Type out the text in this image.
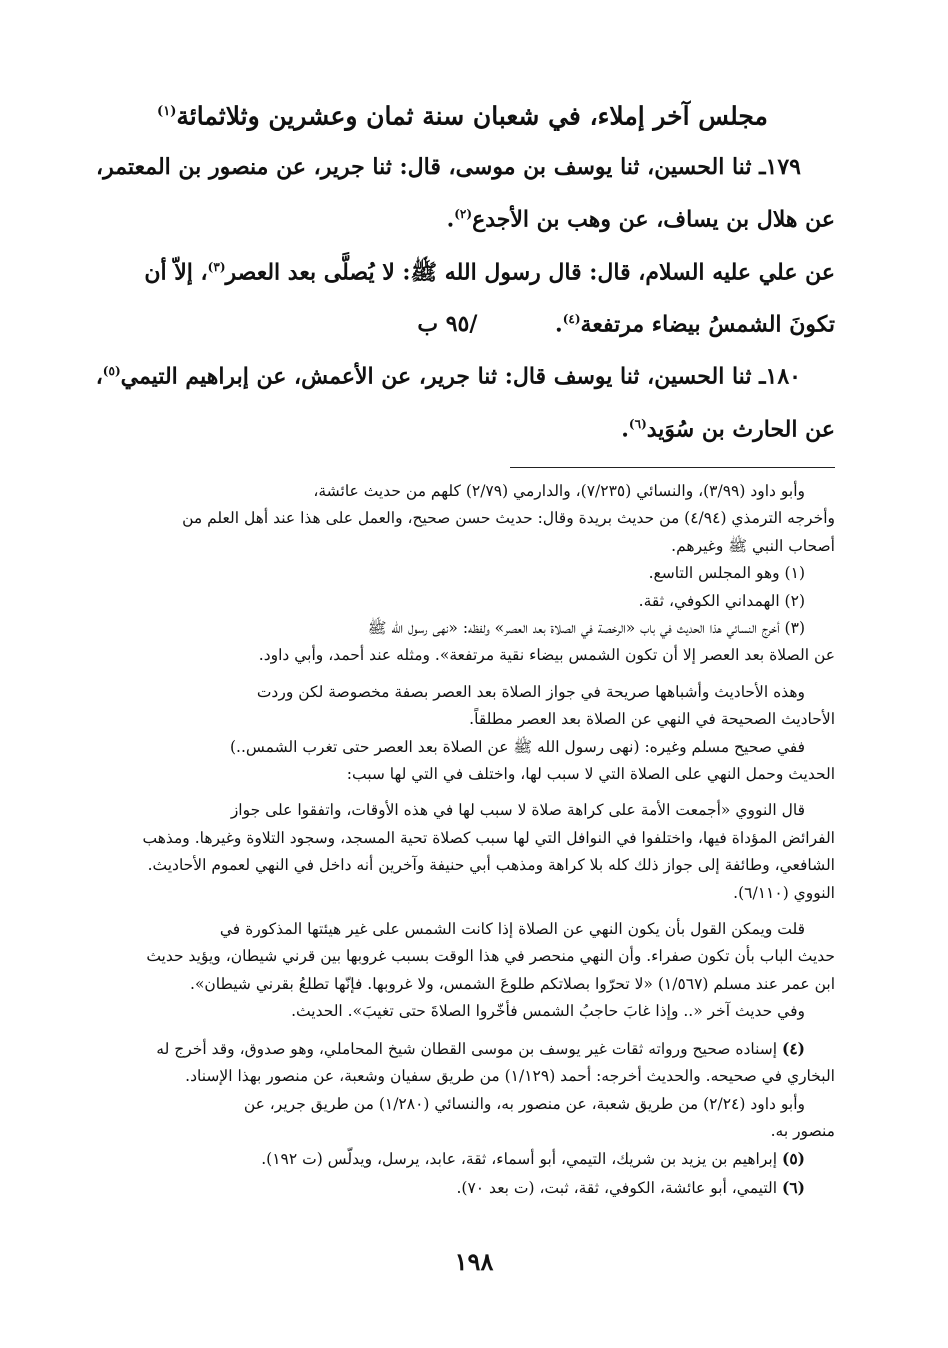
مجلس آخر إملاء، في شعبان سنة ثمان وعشرين وثلاثمائة$^{(١)}$

١٧٩ـ ثنا الحسين، ثنا يوسف بن موسى، قال: ثنا جرير، عن منصور بن المعتمر،

عن هلال بن يساف، عن وهب بن الأجدع$^{(٢)}$.

عن علي عليه السلام، قال: قال رسول الله ﷺ: لا يُصلَّى بعد العصر$^{(٣)}$، إلاّ أن

تكونَ الشمسُ بيضاء مرتفعة$^{(٤)}$. /٩٥ ب

١٨٠ـ ثنا الحسين، ثنا يوسف قال: ثنا جرير، عن الأعمش، عن إبراهيم التيمي$^{(٥)}$،

عن الحارث بن سُوَيد$^{(٦)}$.

وأبو داود (٣/٩٩)، والنسائي (٧/٢٣٥)، والدارمي (٢/٧٩) كلهم من حديث عائشة،

وأخرجه الترمذي (٤/٩٤) من حديث بريدة وقال: حديث حسن صحيح، والعمل على هذا عند أهل العلم من

أصحاب النبي ﷺ وغيرهم.

(١) وهو المجلس التاسع.

(٢) الهمداني الكوفي، ثقة.

(٣) أخرج النسائي هذا الحديث في باب «الرخصة في الصلاة بعد العصر» ولفظه: «نهى رسول الله ﷺ

عن الصلاة بعد العصر إلا أن تكون الشمس بيضاء نقية مرتفعة». ومثله عند أحمد، وأبي داود.

وهذه الأحاديث وأشباهها صريحة في جواز الصلاة بعد العصر بصفة مخصوصة لكن وردت

الأحاديث الصحيحة في النهي عن الصلاة بعد العصر مطلقاً.

ففي صحيح مسلم وغيره: (نهى رسول الله ﷺ عن الصلاة بعد العصر حتى تغرب الشمس..)

الحديث وحمل النهي على الصلاة التي لا سبب لها، واختلف في التي لها سبب:

قال النووي «أجمعت الأمة على كراهة صلاة لا سبب لها في هذه الأوقات، واتفقوا على جواز

الفرائض المؤداة فيها، واختلفوا في النوافل التي لها سبب كصلاة تحية المسجد، وسجود التلاوة وغيرها. ومذهب

الشافعي، وطائفة إلى جواز ذلك كله بلا كراهة ومذهب أبي حنيفة وآخرين أنه داخل في النهي لعموم الأحاديث.

النووي (٦/١١٠).

قلت ويمكن القول بأن يكون النهي عن الصلاة إذا كانت الشمس على غير هيئتها المذكورة في

حديث الباب بأن تكون صفراء. وأن النهي منحصر في هذا الوقت بسبب غروبها بين قرني شيطان، ويؤيد حديث

ابن عمر عند مسلم (١/٥٦٧) «لا تحرّوا بصلاتكم طلوعَ الشمس، ولا غروبها. فإنّها تطلعُ بقرني شيطان».

وفي حديث آخر «.. وإذا غابَ حاجبُ الشمس فأخّروا الصلاةَ حتى تغيبَ». الحديث.

(٤) إسناده صحيح ورواته ثقات غير يوسف بن موسى القطان شيخ المحاملي، وهو صدوق، وقد أخرج له

البخاري في صحيحه. والحديث أخرجه: أحمد (١/١٢٩) من طريق سفيان وشعبة، عن منصور بهذا الإسناد.

وأبو داود (٢/٢٤) من طريق شعبة، عن منصور به، والنسائي (١/٢٨٠) من طريق جرير، عن

منصور به.

(٥) إبراهيم بن يزيد بن شريك، التيمي، أبو أسماء، ثقة، عابد، يرسل، ويدلّس (ت ١٩٢).

(٦) التيمي، أبو عائشة، الكوفي، ثقة، ثبت، (ت بعد ٧٠).

١٩٨
